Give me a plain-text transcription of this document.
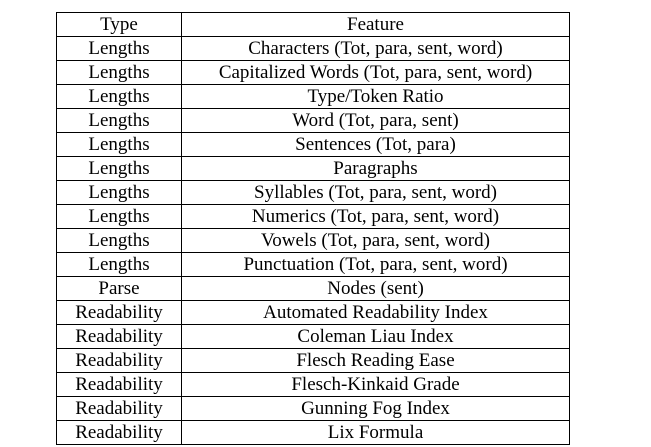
Type	Feature
Lengths	Characters (Tot, para, sent, word)
Lengths	Capitalized Words (Tot, para, sent, word)
Lengths	Type/Token Ratio
Lengths	Word (Tot, para, sent)
Lengths	Sentences (Tot, para)
Lengths	Paragraphs
Lengths	Syllables (Tot, para, sent, word)
Lengths	Numerics (Tot, para, sent, word)
Lengths	Vowels (Tot, para, sent, word)
Lengths	Punctuation (Tot, para, sent, word)
Parse	Nodes (sent)
Readability	Automated Readability Index
Readability	Coleman Liau Index
Readability	Flesch Reading Ease
Readability	Flesch-Kinkaid Grade
Readability	Gunning Fog Index
Readability	Lix Formula
